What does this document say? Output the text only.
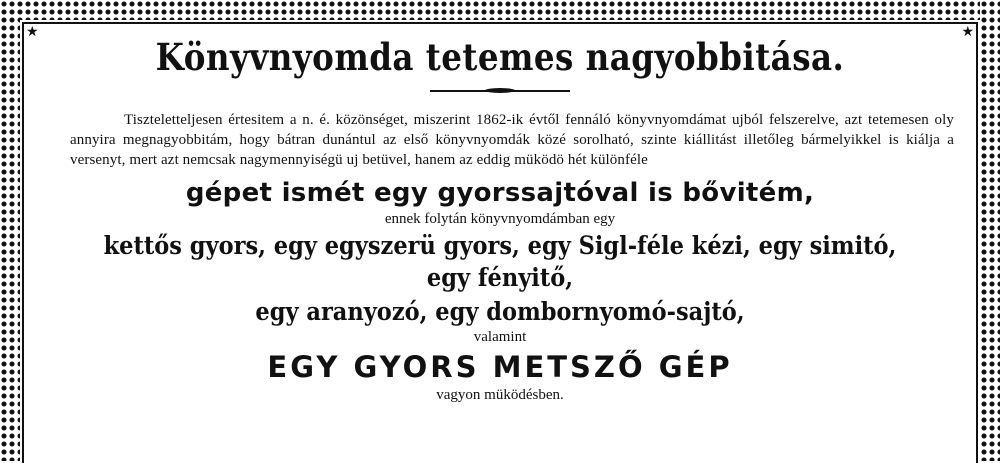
★	★
Könyvnyomda tetemes nagyobbitása.

Tiszteletteljesen értesitem a n. é. közönséget, miszerint 1862-ik évtől fennáló könyvnyomdámat ujból felszerelve, azt tetemesen oly annyira megnagyobbitám, hogy bátran dunántul az első könyvnyomdák közé sorolható, szinte kiállitást illetőleg bármelyikkel is kiálja a versenyt, mert azt nemcsak nagymennyiségü uj betüvel, hanem az eddig müködö hét különféle

gépet ismét egy gyorssajtóval is bővitém,
ennek folytán könyvnyomdámban egy
kettős gyors, egy egyszerü gyors, egy Sigl-féle kézi, egy simitó, egy fényitő,
egy aranyozó, egy dombornyomó-sajtó,
valamint
EGY GYORS METSZŐ GÉP
vagyon müködésben.
